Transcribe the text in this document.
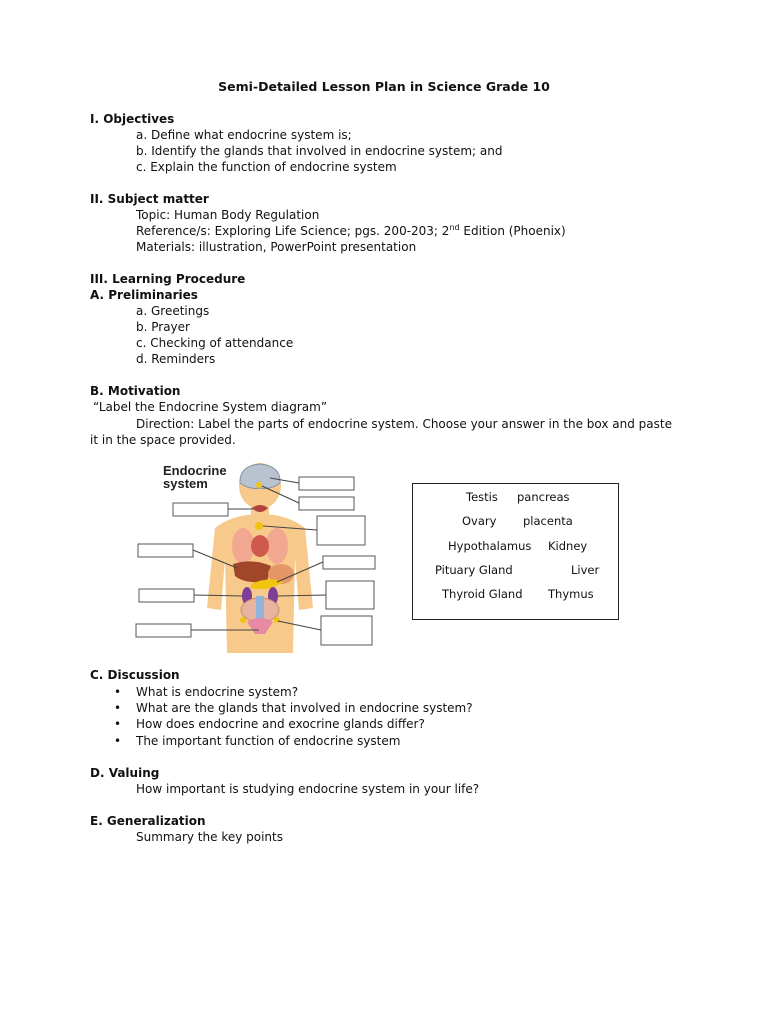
Semi-Detailed Lesson Plan in Science Grade 10
I. Objectives
a. Define what endocrine system is;
b. Identify the glands that involved in endocrine system; and
c. Explain the function of endocrine system
II. Subject matter
Topic: Human Body Regulation
Reference/s: Exploring Life Science; pgs. 200-203; 2nd Edition (Phoenix)
Materials: illustration, PowerPoint presentation
III. Learning Procedure
A. Preliminaries
a. Greetings
b. Prayer
c. Checking of attendance
d. Reminders
B. Motivation
“Label the Endocrine System diagram”
Direction: Label the parts of endocrine system. Choose your answer in the box and paste
it in the space provided.
Endocrine
system
Testis pancreas
Ovary placenta
Hypothalamus Kidney
Pituary Gland	Liver
Thyroid Gland Thymus
C. Discussion
• What is endocrine system?
• What are the glands that involved in endocrine system?
• How does endocrine and exocrine glands differ?
• The important function of endocrine system
D. Valuing
How important is studying endocrine system in your life?
E. Generalization
Summary the key points
